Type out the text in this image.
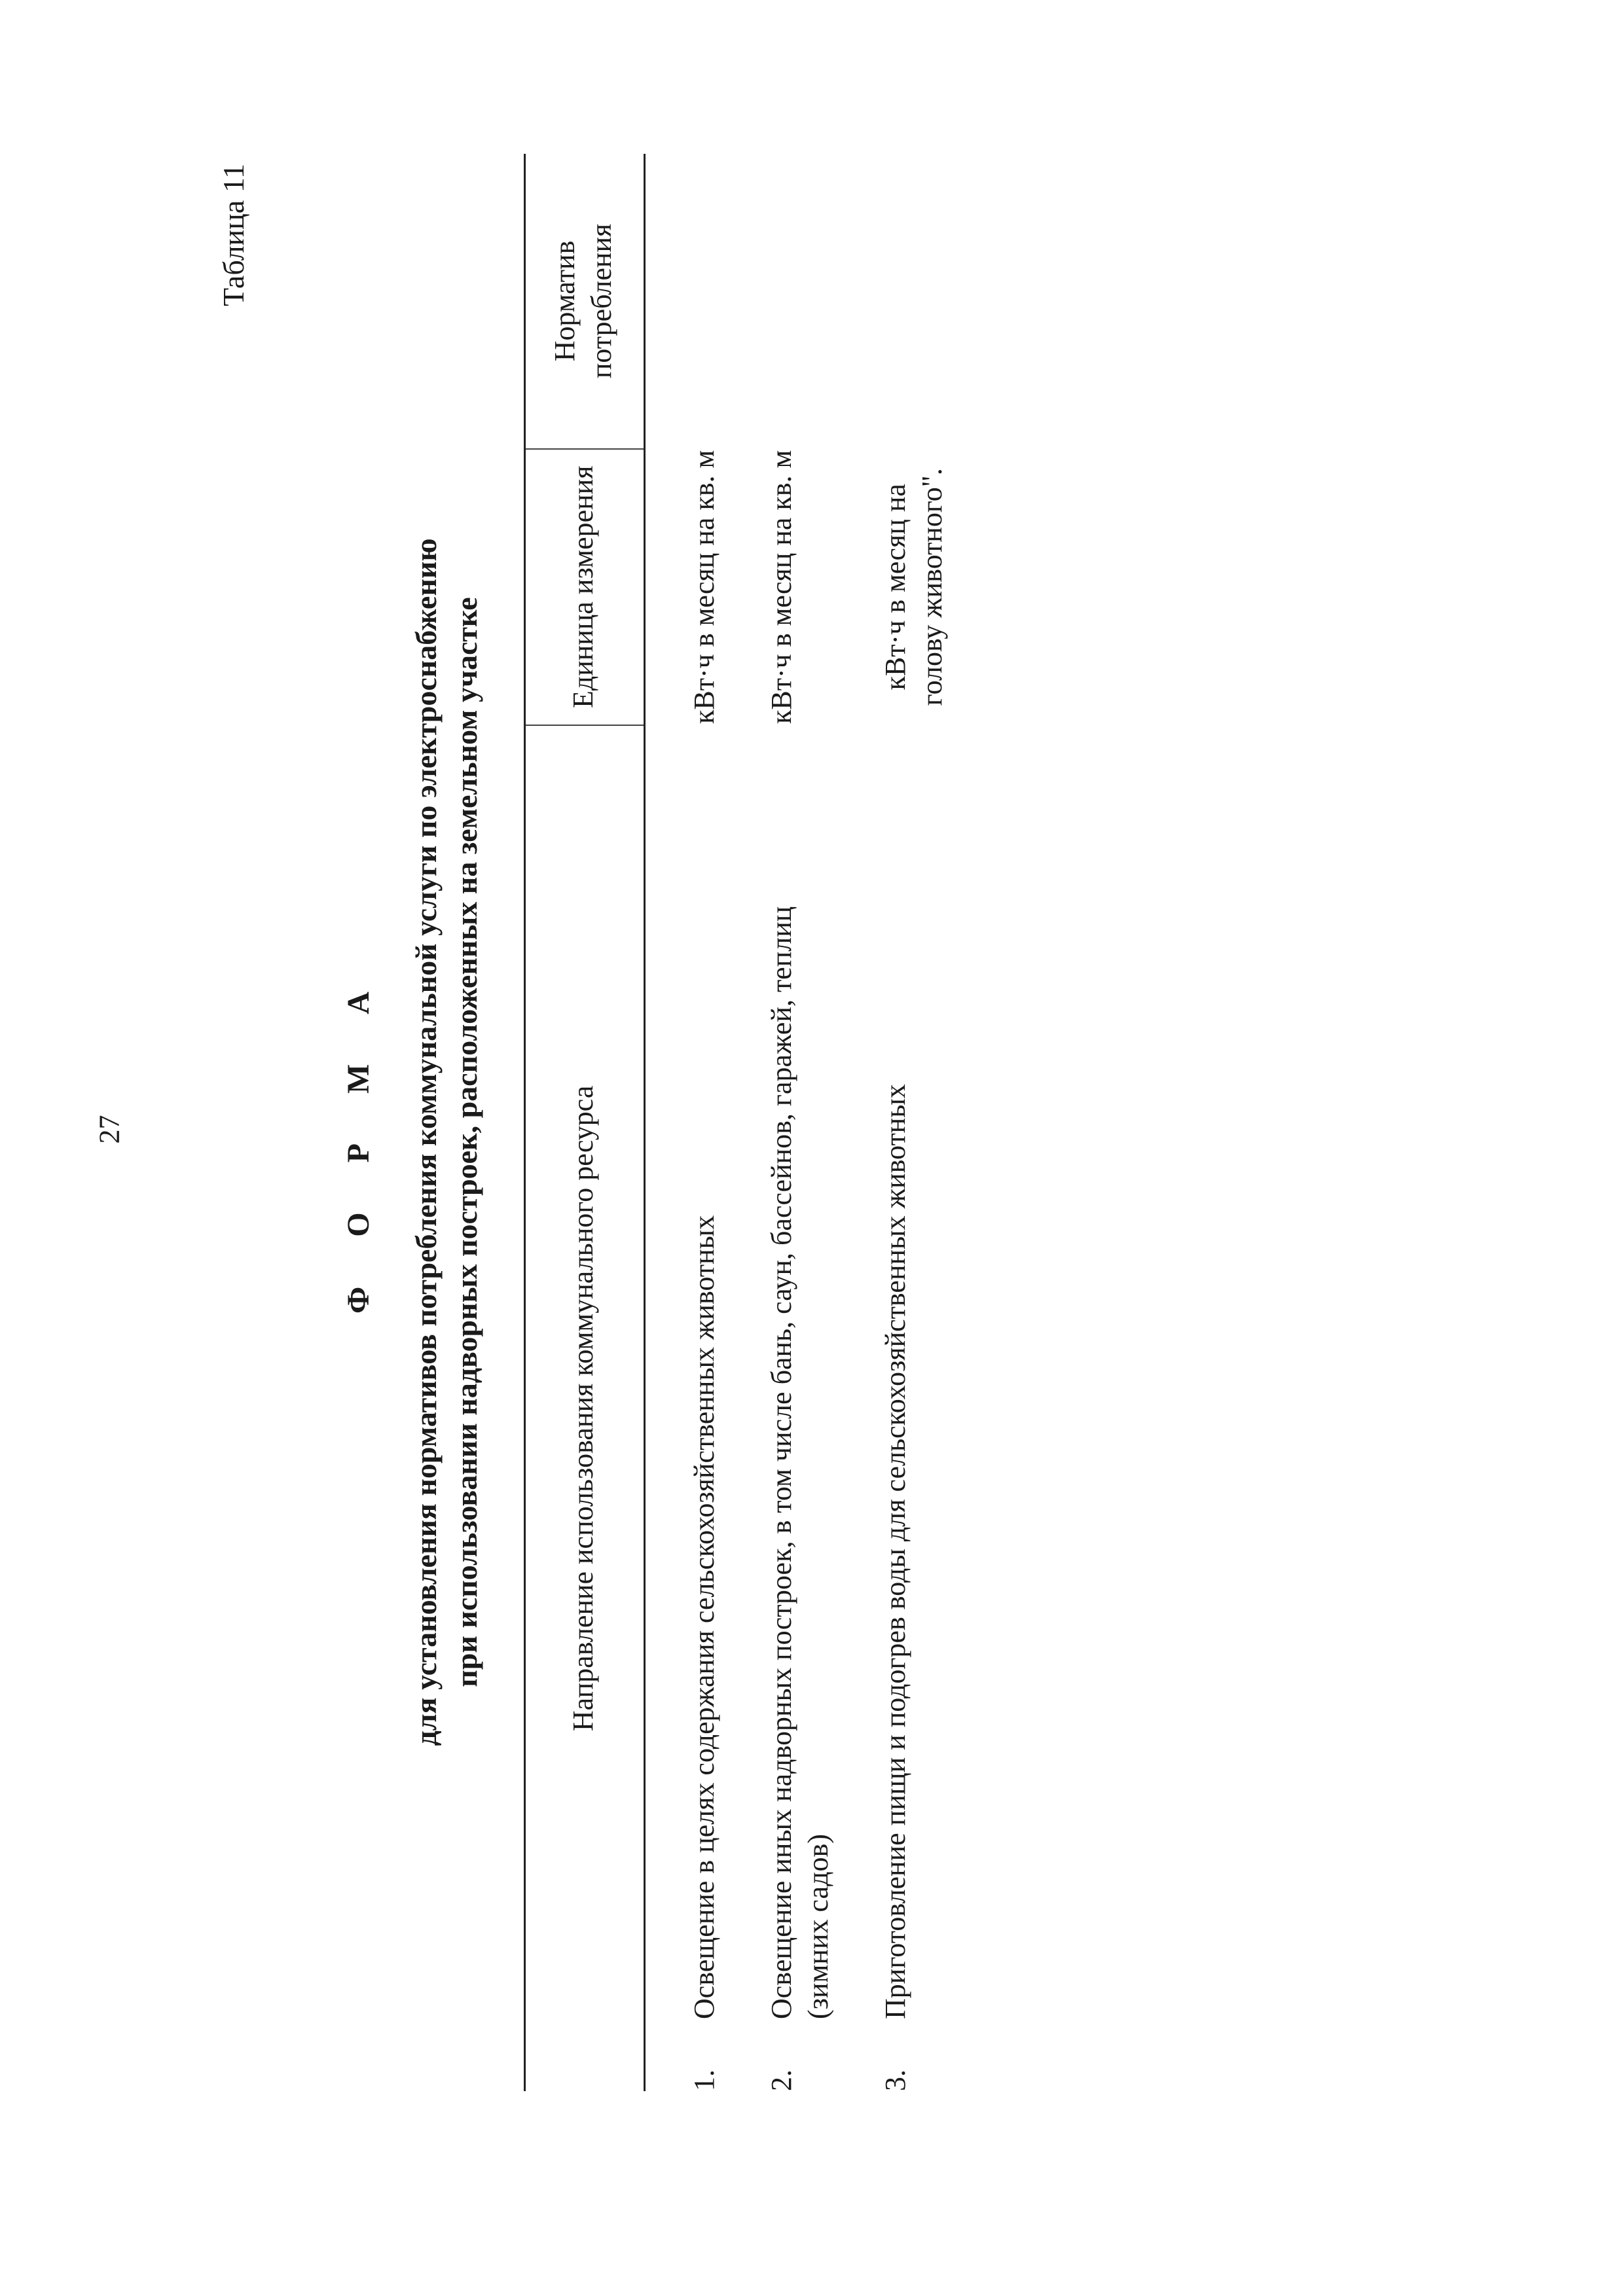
27
Таблица 11
Ф О Р М А для установления нормативов потребления коммунальной услуги по электроснабжению при использовании надворных построек, расположенных на земельном участке	Направление использования коммунального ресурса	Единица измерения	Норматив потребления
1.Освещение в целях содержания сельскохозяйственных животных	кВт·ч в месяц на кв. м	
2.Освещение иных надворных построек, в том числе бань, саун, бассейнов, гаражей, теплиц (зимних садов)	кВт·ч в месяц на кв. м	
3.Приготовление пищи и подогрев воды для сельскохозяйственных животных	кВт·ч в месяц на голову животного".	
